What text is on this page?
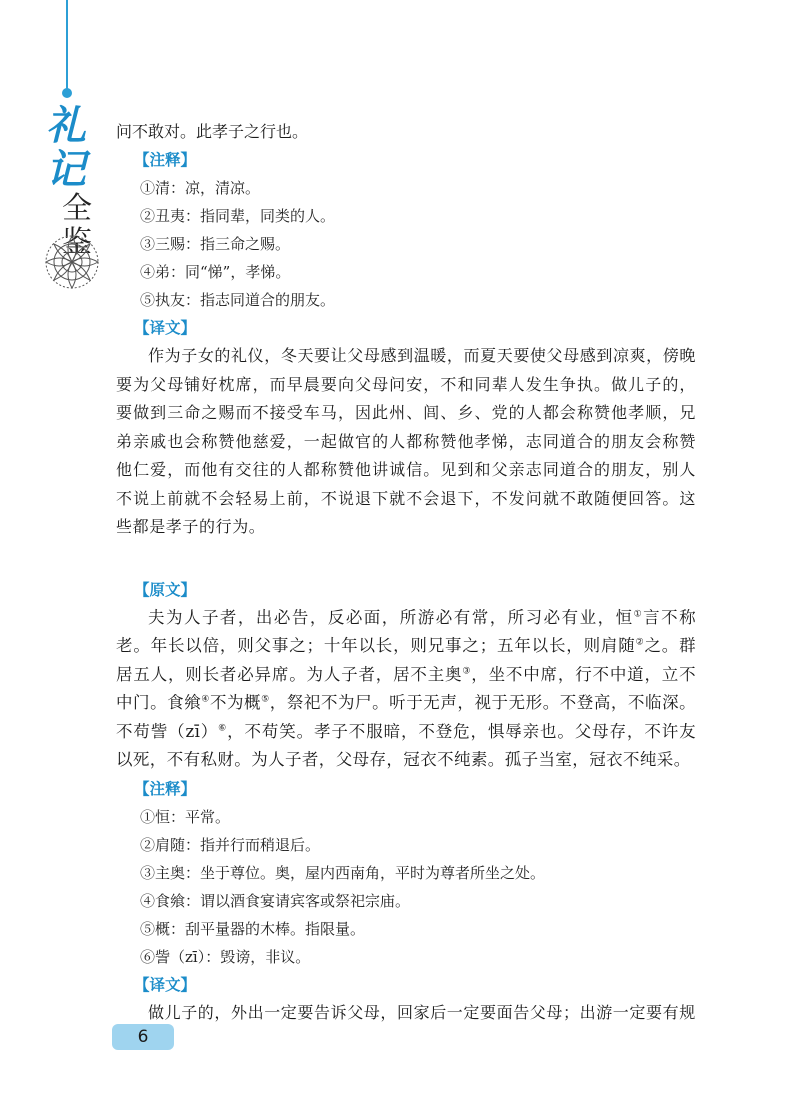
礼
记
全
鉴
问不敢对。此孝子之行也。
【注释】
①清：凉，清凉。
②丑夷：指同辈，同类的人。
③三赐：指三命之赐。
④弟：同“悌”，孝悌。
⑤执友：指志同道合的朋友。
【译文】

作为子女的礼仪，冬天要让父母感到温暖，而夏天要使父母感到凉爽，傍晚要为父母铺好枕席，而早晨要向父母问安，不和同辈人发生争执。做儿子的，要做到三命之赐而不接受车马，因此州、闾、乡、党的人都会称赞他孝顺，兄弟亲戚也会称赞他慈爱，一起做官的人都称赞他孝悌，志同道合的朋友会称赞他仁爱，而他有交往的人都称赞他讲诚信。见到和父亲志同道合的朋友，别人不说上前就不会轻易上前，不说退下就不会退下，不发问就不敢随便回答。这些都是孝子的行为。

【原文】

夫为人子者，出必告，反必面，所游必有常，所习必有业，恒①言不称老。年长以倍，则父事之；十年以长，则兄事之；五年以长，则肩随②之。群居五人，则长者必异席。为人子者，居不主奥③，坐不中席，行不中道，立不中门。食飨④不为概⑤，祭祀不为尸。听于无声，视于无形。不登高，不临深。不苟訾（zī）⑥，不苟笑。孝子不服暗，不登危，惧辱亲也。父母存，不许友以死，不有私财。为人子者，父母存，冠衣不纯素。孤子当室，冠衣不纯采。

【注释】
①恒：平常。
②肩随：指并行而稍退后。
③主奥：坐于尊位。奥，屋内西南角，平时为尊者所坐之处。
④食飨：谓以酒食宴请宾客或祭祀宗庙。
⑤概：刮平量器的木棒。指限量。
⑥訾（zī）：毁谤，非议。
【译文】

做儿子的，外出一定要告诉父母，回家后一定要面告父母；出游一定要有规

6
